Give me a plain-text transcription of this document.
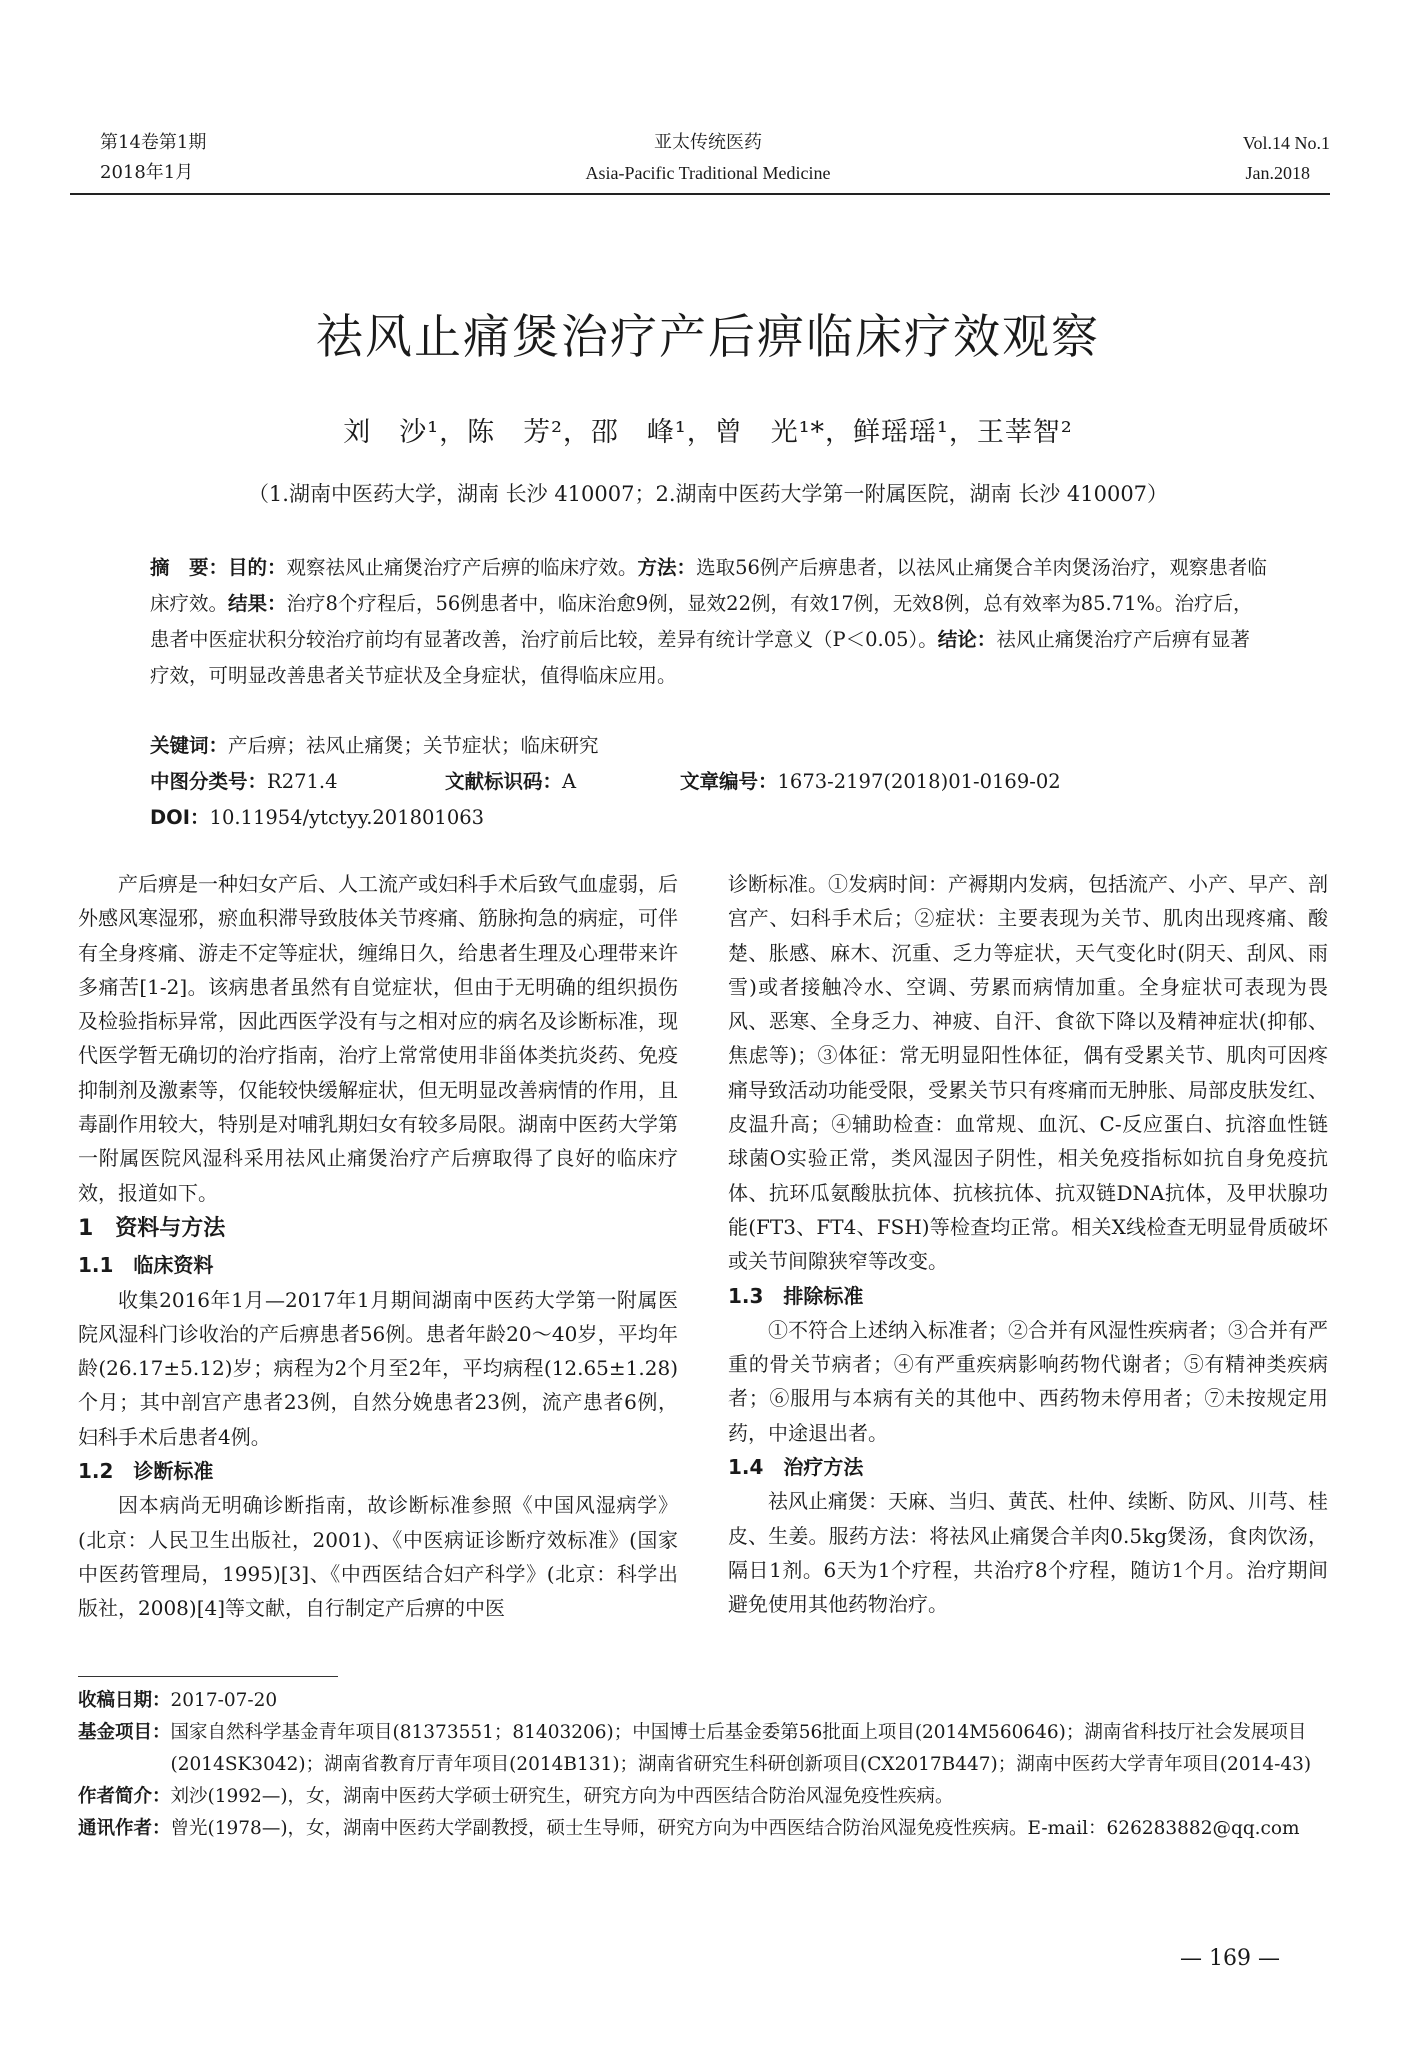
第14卷第1期
2018年1月
亚太传统医药
Asia-Pacific Traditional Medicine
Vol.14 No.1
Jan.2018
祛风止痛煲治疗产后痹临床疗效观察
刘　沙¹，陈　芳²，邵　峰¹，曾　光¹*，鲜瑶瑶¹，王莘智²
（1.湖南中医药大学，湖南 长沙 410007；2.湖南中医药大学第一附属医院，湖南 长沙 410007）
摘　要：目的：观察祛风止痛煲治疗产后痹的临床疗效。方法：选取56例产后痹患者，以祛风止痛煲合羊肉煲汤治疗，观察患者临床疗效。结果：治疗8个疗程后，56例患者中，临床治愈9例，显效22例，有效17例，无效8例，总有效率为85.71%。治疗后，患者中医症状积分较治疗前均有显著改善，治疗前后比较，差异有统计学意义（P＜0.05）。结论：祛风止痛煲治疗产后痹有显著疗效，可明显改善患者关节症状及全身症状，值得临床应用。
关键词：产后痹；祛风止痛煲；关节症状；临床研究
中图分类号：R271.4	文献标识码：A	文章编号：1673-2197(2018)01-0169-02
DOI：10.11954/ytctyy.201801063

产后痹是一种妇女产后、人工流产或妇科手术后致气血虚弱，后外感风寒湿邪，瘀血积滞导致肢体关节疼痛、筋脉拘急的病症，可伴有全身疼痛、游走不定等症状，缠绵日久，给患者生理及心理带来许多痛苦[1-2]。该病患者虽然有自觉症状，但由于无明确的组织损伤及检验指标异常，因此西医学没有与之相对应的病名及诊断标准，现代医学暂无确切的治疗指南，治疗上常常使用非甾体类抗炎药、免疫抑制剂及激素等，仅能较快缓解症状，但无明显改善病情的作用，且毒副作用较大，特别是对哺乳期妇女有较多局限。湖南中医药大学第一附属医院风湿科采用祛风止痛煲治疗产后痹取得了良好的临床疗效，报道如下。

1　资料与方法
1.1　临床资料

收集2016年1月—2017年1月期间湖南中医药大学第一附属医院风湿科门诊收治的产后痹患者56例。患者年龄20～40岁，平均年龄(26.17±5.12)岁；病程为2个月至2年，平均病程(12.65±1.28)个月；其中剖宫产患者23例，自然分娩患者23例，流产患者6例，妇科手术后患者4例。

1.2　诊断标准

因本病尚无明确诊断指南，故诊断标准参照《中国风湿病学》(北京：人民卫生出版社，2001)、《中医病证诊断疗效标准》(国家中医药管理局，1995)[3]、《中西医结合妇产科学》(北京：科学出版社，2008)[4]等文献，自行制定产后痹的中医

诊断标准。①发病时间：产褥期内发病，包括流产、小产、早产、剖宫产、妇科手术后；②症状：主要表现为关节、肌肉出现疼痛、酸楚、胀感、麻木、沉重、乏力等症状，天气变化时(阴天、刮风、雨雪)或者接触冷水、空调、劳累而病情加重。全身症状可表现为畏风、恶寒、全身乏力、神疲、自汗、食欲下降以及精神症状(抑郁、焦虑等)；③体征：常无明显阳性体征，偶有受累关节、肌肉可因疼痛导致活动功能受限，受累关节只有疼痛而无肿胀、局部皮肤发红、皮温升高；④辅助检查：血常规、血沉、C-反应蛋白、抗溶血性链球菌O实验正常，类风湿因子阴性，相关免疫指标如抗自身免疫抗体、抗环瓜氨酸肽抗体、抗核抗体、抗双链DNA抗体，及甲状腺功能(FT3、FT4、FSH)等检查均正常。相关X线检查无明显骨质破坏或关节间隙狭窄等改变。

1.3　排除标准

①不符合上述纳入标准者；②合并有风湿性疾病者；③合并有严重的骨关节病者；④有严重疾病影响药物代谢者；⑤有精神类疾病者；⑥服用与本病有关的其他中、西药物未停用者；⑦未按规定用药，中途退出者。

1.4　治疗方法

祛风止痛煲：天麻、当归、黄芪、杜仲、续断、防风、川芎、桂皮、生姜。服药方法：将祛风止痛煲合羊肉0.5kg煲汤，食肉饮汤，隔日1剂。6天为1个疗程，共治疗8个疗程，随访1个月。治疗期间避免使用其他药物治疗。

收稿日期： 2017-07-20
基金项目： 国家自然科学基金青年项目(81373551；81403206)；中国博士后基金委第56批面上项目(2014M560646)；湖南省科技厅社会发展项目(2014SK3042)；湖南省教育厅青年项目(2014B131)；湖南省研究生科研创新项目(CX2017B447)；湖南中医药大学青年项目(2014-43)
作者简介： 刘沙(1992—)，女，湖南中医药大学硕士研究生，研究方向为中西医结合防治风湿免疫性疾病。
通讯作者： 曾光(1978—)，女，湖南中医药大学副教授，硕士生导师，研究方向为中西医结合防治风湿免疫性疾病。E-mail：626283882@qq.com
— 169 —
